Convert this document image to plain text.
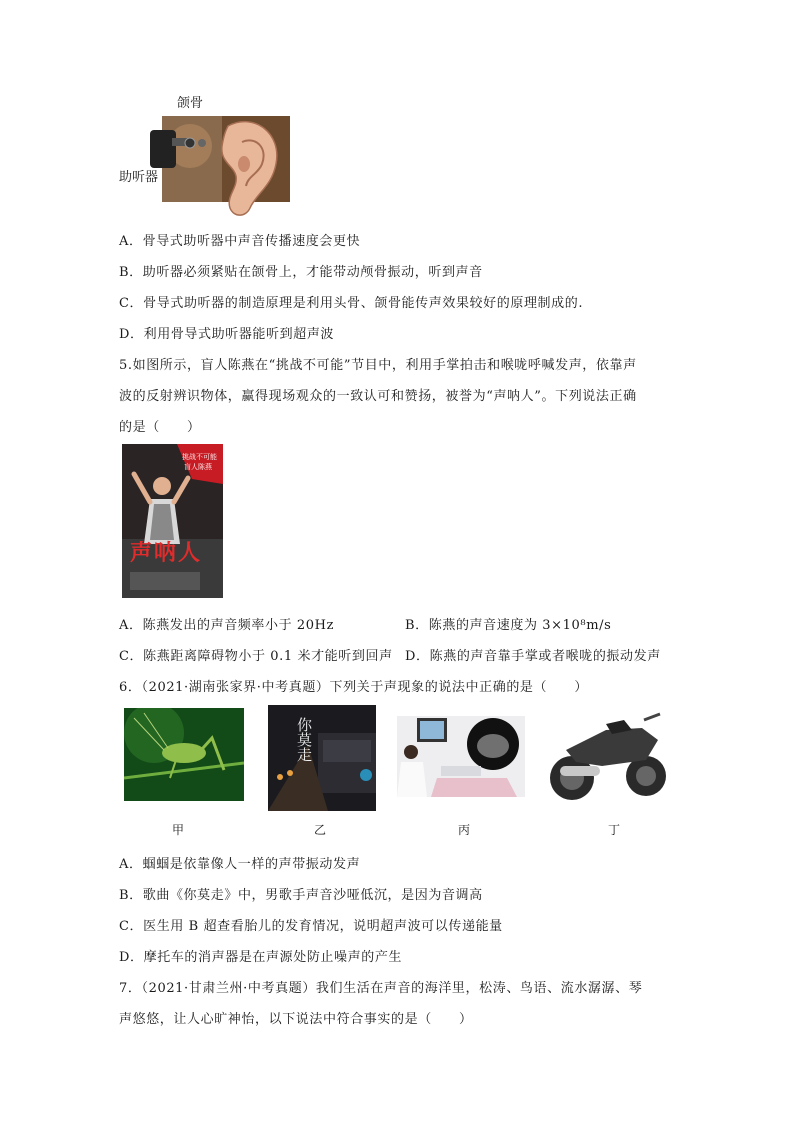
颌骨
助听器
A．骨导式助听器中声音传播速度会更快
B．助听器必须紧贴在颌骨上，才能带动颅骨振动，听到声音
C．骨导式助听器的制造原理是利用头骨、颌骨能传声效果较好的原理制成的.
D．利用骨导式助听器能听到超声波
5.如图所示，盲人陈燕在“挑战不可能”节目中，利用手掌拍击和喉咙呼喊发声，依靠声
波的反射辨识物体，赢得现场观众的一致认可和赞扬，被誉为“声呐人”。下列说法正确
的是（　　）
挑战不可能
盲人陈燕
声呐人
A．陈燕发出的声音频率小于 20Hz	B．陈燕的声音速度为 3×10⁸m/s
C．陈燕距离障碍物小于 0.1 米才能听到回声 D．陈燕的声音靠手掌或者喉咙的振动发声
6．（2021·湖南张家界·中考真题）下列关于声现象的说法中正确的是（　　）
你莫走
甲	乙	丙	丁
A．蝈蝈是依靠像人一样的声带振动发声
B．歌曲《你莫走》中，男歌手声音沙哑低沉，是因为音调高
C．医生用 B 超查看胎儿的发育情况，说明超声波可以传递能量
D．摩托车的消声器是在声源处防止噪声的产生
7．（2021·甘肃兰州·中考真题）我们生活在声音的海洋里，松涛、鸟语、流水潺潺、琴
声悠悠，让人心旷神怡，以下说法中符合事实的是（　　）
